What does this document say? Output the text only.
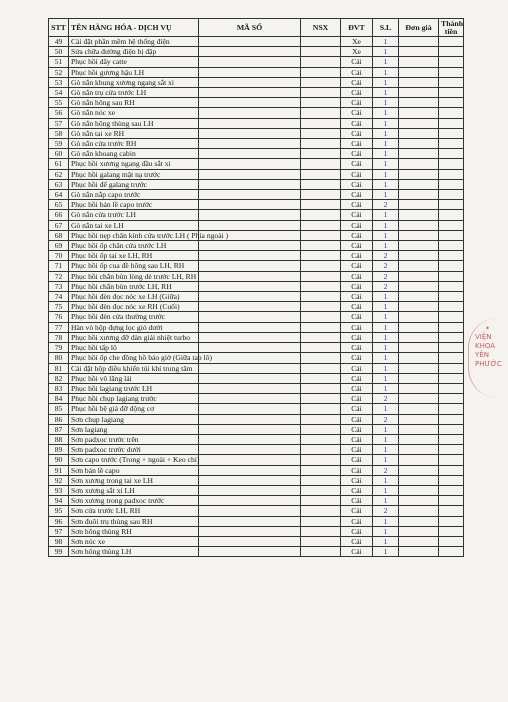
STT	TÊN HÀNG HÓA - DỊCH VỤ	MÃ SỐ	NSX	ĐVT	S.L	Đơn giá	Thành tiền
49	Cài đặt phần mềm hệ thống điện			Xe	1		
50	Sửa chữa đường điện bị đập			Xe	1		
51	Phục hồi dây catte			Cái	1		
52	Phục hồi gương hậu LH			Cái	1		
53	Gò nắn khung xương ngang sắt xi			Cái	1		
54	Gò nắn trụ cửa trước LH			Cái	1		
55	Gò nắn hông sau RH			Cái	1		
56	Gò nắn nóc xe			Cái	1		
57	Gò nắn hông thùng sau LH			Cái	1		
58	Gò nắn tai xe RH			Cái	1		
59	Gò nắn cửa trước RH			Cái	1		
60	Gò nắn khoang cabin			Cái	1		
61	Phục hồi xương ngang đầu sắt xi			Cái	1		
62	Phục hồi galang mặt nạ trước			Cái	1		
63	Phục hồi đế galang trước			Cái	1		
64	Gò nắn nắp capo trước			Cái	1		
65	Phục hồi bản lề capo trước			Cái	2		
66	Gò nắn cửa trước LH			Cái	1		
67	Gò nắn tai xe LH			Cái	1		
68	Phục hồi nẹp chân kính cửa trước LH ( Phía ngoài )			Cái	1		
69	Phục hồi ốp chân cửa trước LH			Cái	1		
70	Phục hồi ốp tai xe LH, RH			Cái	2		
71	Phục hồi ốp cua đề hông sau LH, RH			Cái	2		
72	Phục hồi chắn bùn lòng dè trước LH, RH			Cái	2		
73	Phục hồi chắn bùn trước LH, RH			Cái	2		
74	Phục hồi đèn đọc nóc xe LH (Giữa)			Cái	1		
75	Phục hồi đèn đọc nóc xe RH (Cuối)			Cái	1		
76	Phục hồi đèn cửa thường trước			Cái	1		
77	Hàn vỏ hộp đựng lọc gió dưới			Cái	1		
78	Phục hồi xương đỡ dàn giải nhiệt turbo			Cái	1		
79	Phục hồi tấp lô			Cái	1		
80	Phục hồi ốp che đồng hồ báo giờ (Giữa tap lô)			Cái	1		
81	Cài đặt hộp điều khiển túi khí trung tâm			Cái	1		
82	Phục hồi vô lăng lái			Cái	1		
83	Phục hồi lagiang trước LH			Cái	1		
84	Phục hồi chụp lagiang trước			Cái	2		
85	Phục hồi bệ giá đỡ động cơ			Cái	1		
86	Sơn chụp lagiang			Cái	2		
87	Sơn lagiang			Cái	1		
88	Sơn padxoc trước trên			Cái	1		
89	Sơn padxoc trước dưới			Cái	1		
90	Sơn capo trước (Trong + ngoài + Keo chỉ)			Cái	1		
91	Sơn bản lề capo			Cái	2		
92	Sơn xương trong tai xe LH			Cái	1		
93	Sơn xương sắt xi LH			Cái	1		
94	Sơn xương trong padxoc trước			Cái	1		
95	Sơn cửa trước LH, RH			Cái	2		
96	Sơn đuôi trụ thùng sau RH			Cái	1		
97	Sơn hông thùng RH			Cái	1		
98	Sơn nóc xe			Cái	1		
99	Sơn hông thùng LH			Cái	1		
✶
VIỆN
KHOA
YÊN
PHƯỚC
